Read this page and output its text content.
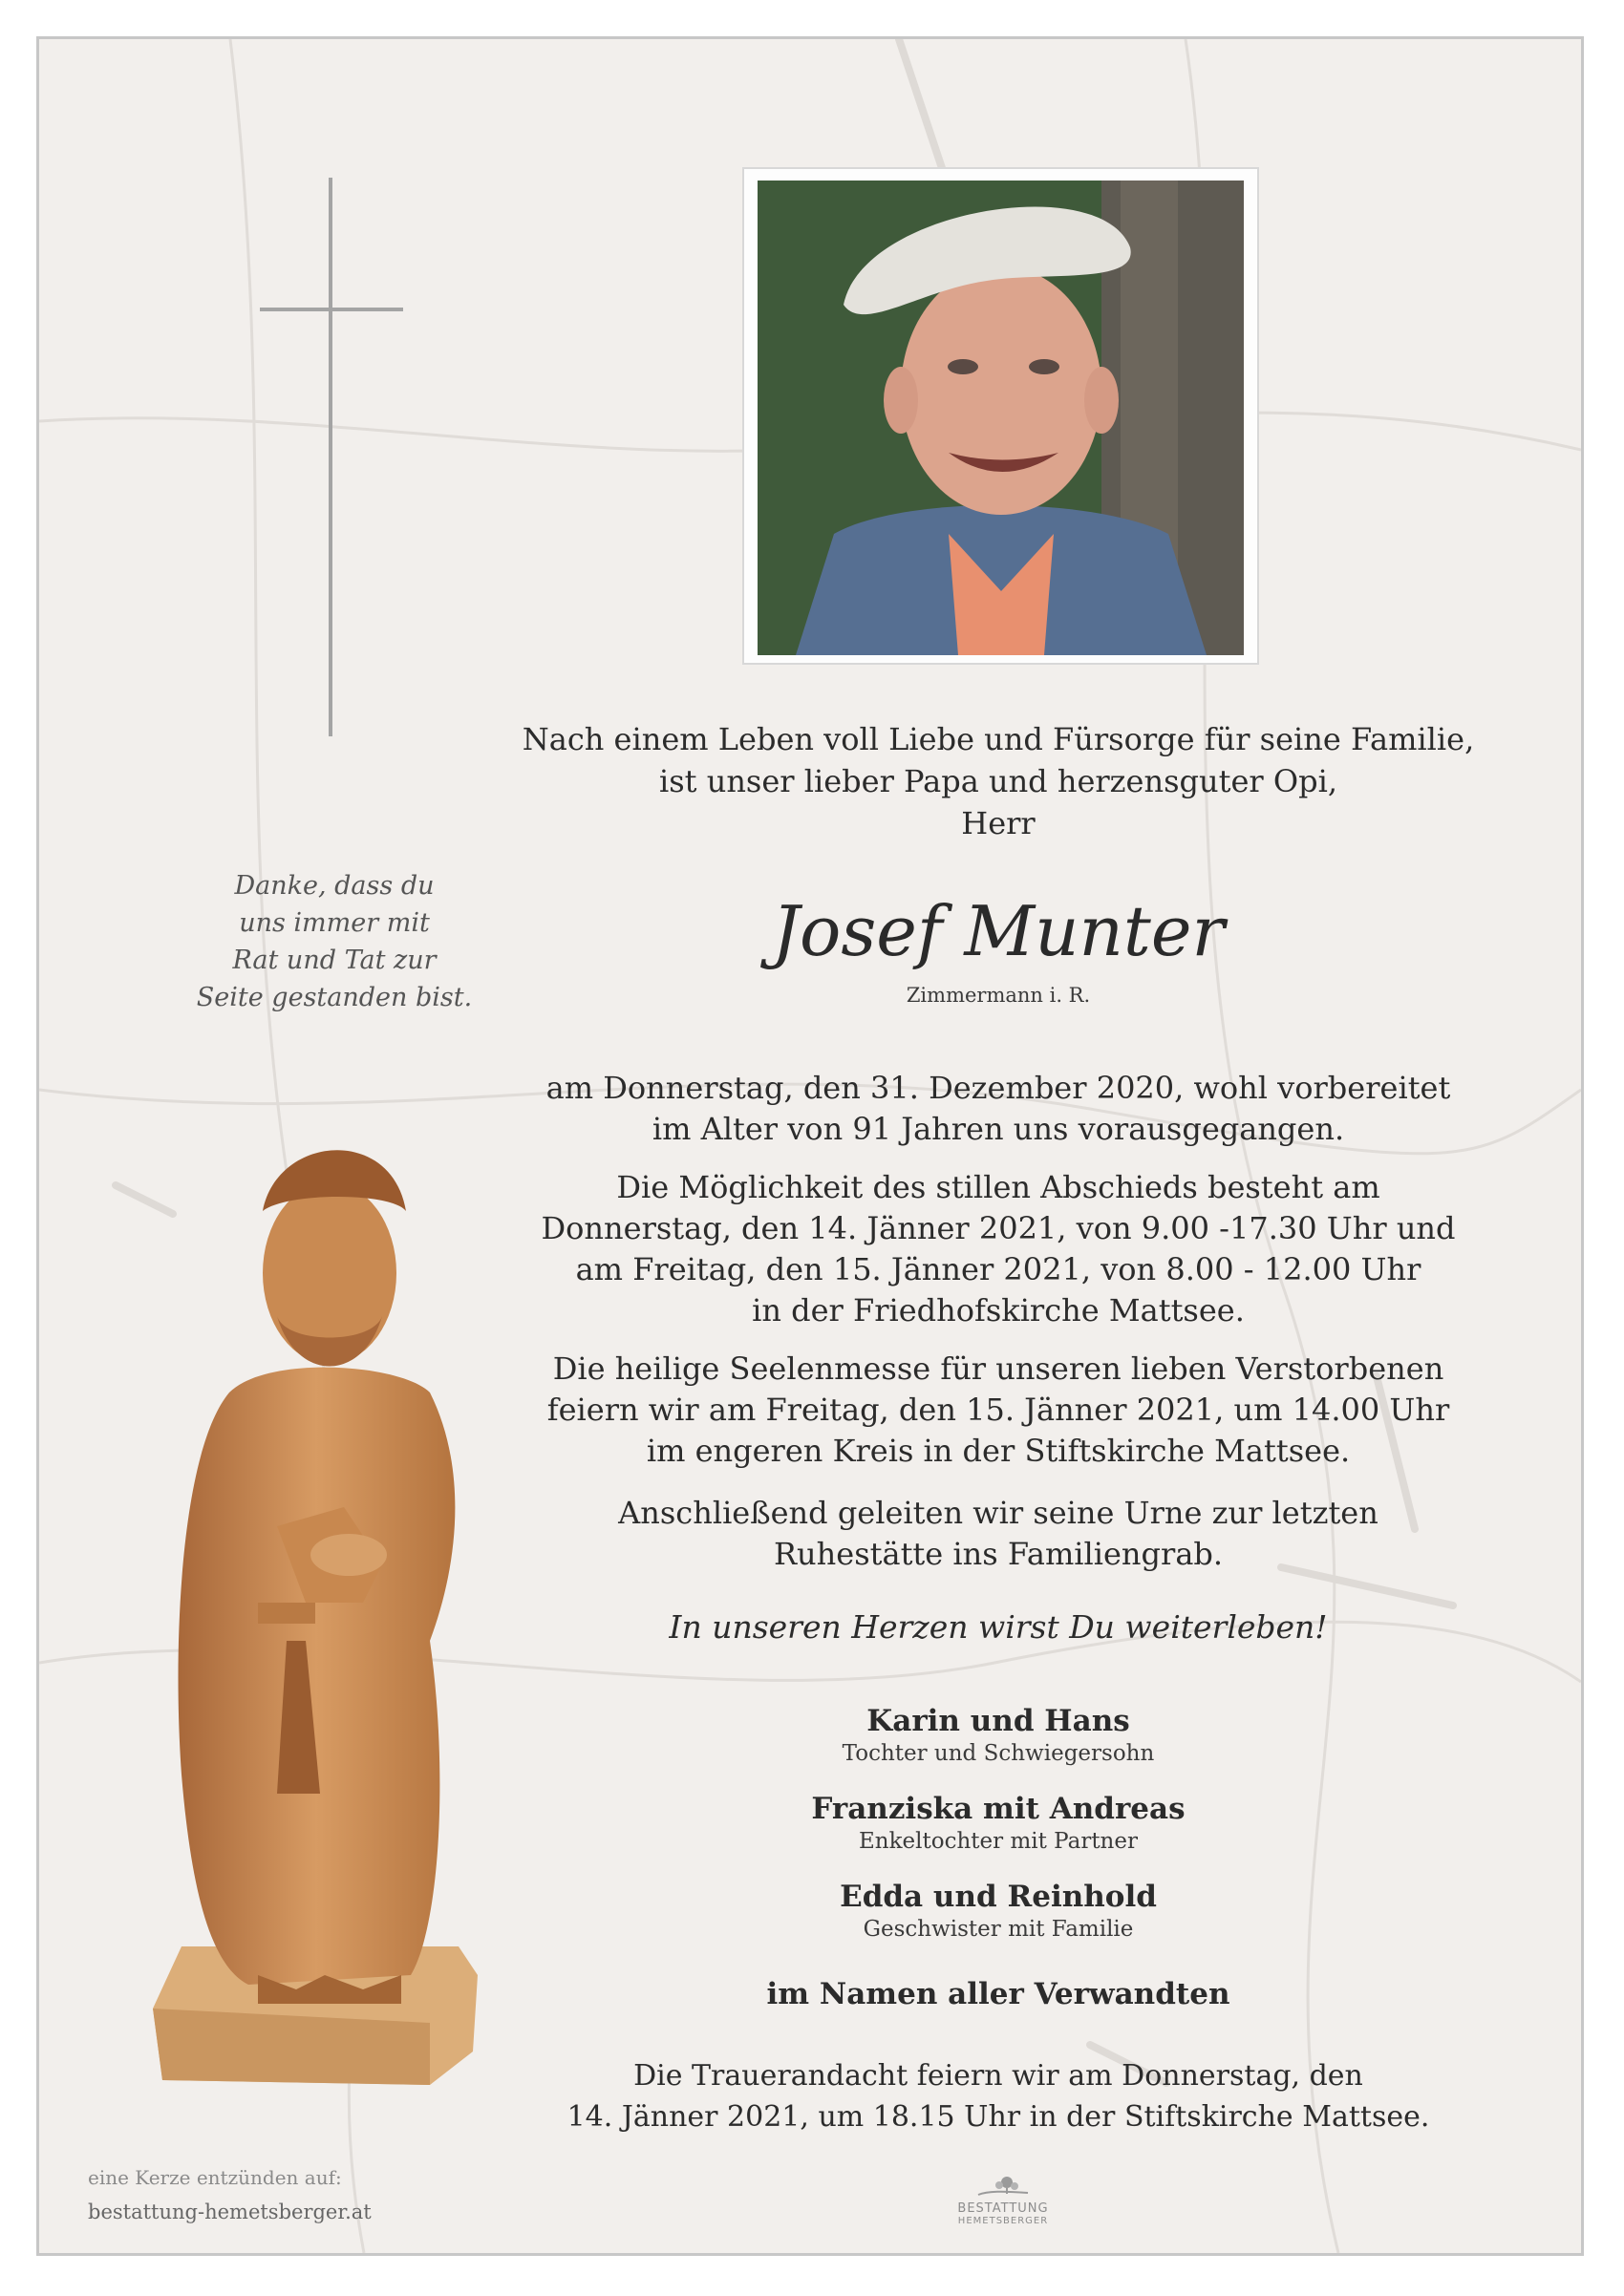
Nach einem Leben voll Liebe und Fürsorge für seine Familie,
ist unser lieber Papa und herzensguter Opi,
Herr
Josef Munter
Zimmermann i. R.
Danke, dass du
uns immer mit
Rat und Tat zur
Seite gestanden bist.
am Donnerstag, den 31. Dezember 2020, wohl vorbereitet
im Alter von 91 Jahren uns vorausgegangen.
Die Möglichkeit des stillen Abschieds besteht am
Donnerstag, den 14. Jänner 2021, von 9.00 -17.30 Uhr und
am Freitag, den 15. Jänner 2021, von 8.00 - 12.00 Uhr
in der Friedhofskirche Mattsee.
Die heilige Seelenmesse für unseren lieben Verstorbenen
feiern wir am Freitag, den 15. Jänner 2021, um 14.00 Uhr
im engeren Kreis in der Stiftskirche Mattsee.
Anschließend geleiten wir seine Urne zur letzten
Ruhestätte ins Familiengrab.
In unseren Herzen wirst Du weiterleben!
Karin und Hans
Tochter und Schwiegersohn
Franziska mit Andreas
Enkeltochter mit Partner
Edda und Reinhold
Geschwister mit Familie
im Namen aller Verwandten
Die Trauerandacht feiern wir am Donnerstag, den
14. Jänner 2021, um 18.15 Uhr in der Stiftskirche Mattsee.
eine Kerze entzünden auf:
bestattung-hemetsberger.at	BESTATTUNG
HEMETSBERGER
